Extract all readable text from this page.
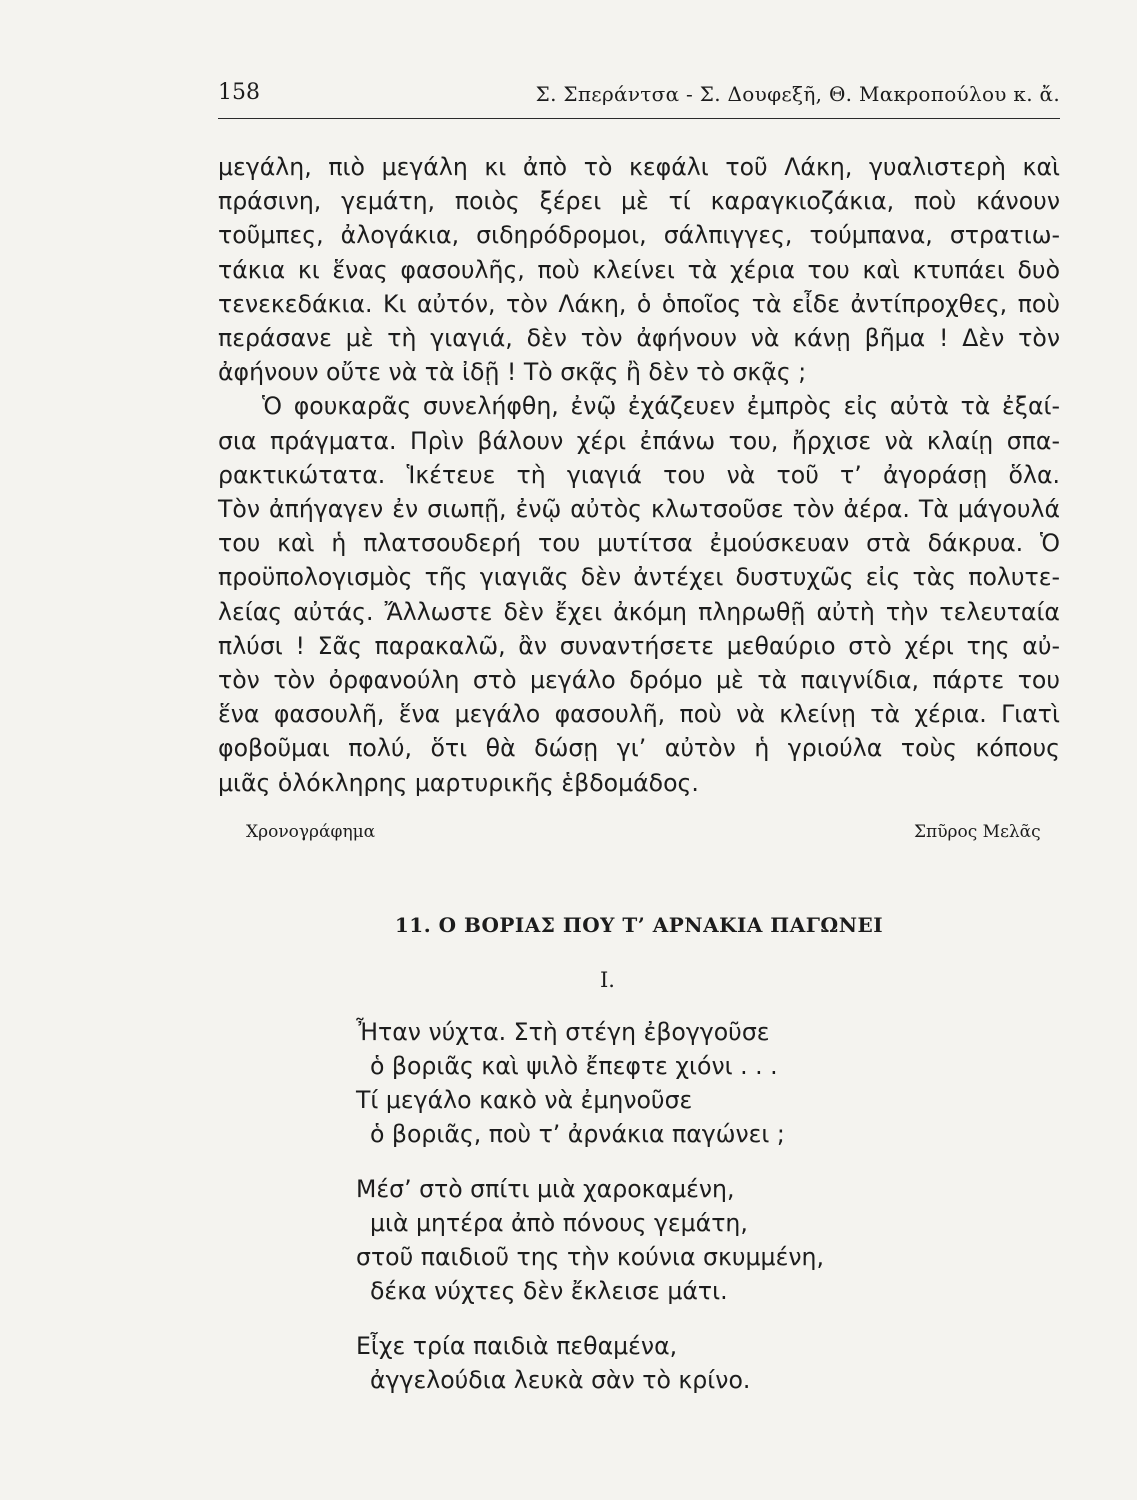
158	Σ. Σπεράντσα - Σ. Δουφεξῆ, Θ. Μακροπούλου κ. ἄ.
μεγάλη, πιὸ μεγάλη κι ἀπὸ τὸ κεφάλι τοῦ Λάκη, γυαλιστερὴ καὶ
πράσινη, γεμάτη, ποιὸς ξέρει μὲ τί καραγκιοζάκια, ποὺ κάνουν
τοῦμπες, ἀλογάκια, σιδηρόδρομοι, σάλπιγγες, τούμπανα, στρατιω-
τάκια κι ἕνας φασουλῆς, ποὺ κλείνει τὰ χέρια του καὶ κτυπάει δυὸ
τενεκεδάκια. Κι αὐτόν, τὸν Λάκη, ὁ ὁποῖος τὰ εἶδε ἀντίπροχθες, ποὺ
περάσανε μὲ τὴ γιαγιά, δὲν τὸν ἀφήνουν νὰ κάνῃ βῆμα ! Δὲν τὸν
ἀφήνουν οὔτε νὰ τὰ ἰδῇ ! Τὸ σκᾷς ἢ δὲν τὸ σκᾷς ;
Ὁ φουκαρᾶς συνελήφθη, ἐνῷ ἐχάζευεν ἐμπρὸς εἰς αὐτὰ τὰ ἐξαί-
σια πράγματα. Πρὶν βάλουν χέρι ἐπάνω του, ἤρχισε νὰ κλαίῃ σπα-
ρακτικώτατα. Ἱκέτευε τὴ γιαγιά του νὰ τοῦ τ’ ἀγοράσῃ ὅλα.
Τὸν ἀπήγαγεν ἐν σιωπῇ, ἐνῷ αὐτὸς κλωτσοῦσε τὸν ἀέρα. Τὰ μάγουλά
του καὶ ἡ πλατσουδερή του μυτίτσα ἐμούσκευαν στὰ δάκρυα. Ὁ
προϋπολογισμὸς τῆς γιαγιᾶς δὲν ἀντέχει δυστυχῶς εἰς τὰς πολυτε-
λείας αὐτάς. Ἄλλωστε δὲν ἔχει ἀκόμη πληρωθῇ αὐτὴ τὴν τελευταία
πλύσι ! Σᾶς παρακαλῶ, ἂν συναντήσετε μεθαύριο στὸ χέρι της αὐ-
τὸν τὸν ὀρφανούλη στὸ μεγάλο δρόμο μὲ τὰ παιγνίδια, πάρτε του
ἕνα φασουλῆ, ἕνα μεγάλο φασουλῆ, ποὺ νὰ κλείνῃ τὰ χέρια. Γιατὶ
φοβοῦμαι πολύ, ὅτι θὰ δώσῃ γι’ αὐτὸν ἡ γριούλα τοὺς κόπους
μιᾶς ὁλόκληρης μαρτυρικῆς ἑβδομάδος.
Χρονογράφημα	Σπῦρος Μελᾶς
11. Ο ΒΟΡΙΑΣ ΠΟΥ Τ’ ΑΡΝΑΚΙΑ ΠΑΓΩΝΕΙ
I.
Ἦταν νύχτα. Στὴ στέγη ἐβογγοῦσε
ὁ βοριᾶς καὶ ψιλὸ ἔπεφτε χιόνι . . .
Τί μεγάλο κακὸ νὰ ἐμηνοῦσε
ὁ βοριᾶς, ποὺ τ’ ἀρνάκια παγώνει ;
Μέσ’ στὸ σπίτι μιὰ χαροκαμένη,
μιὰ μητέρα ἀπὸ πόνους γεμάτη,
στοῦ παιδιοῦ της τὴν κούνια σκυμμένη,
δέκα νύχτες δὲν ἔκλεισε μάτι.
Εἶχε τρία παιδιὰ πεθαμένα,
ἀγγελούδια λευκὰ σὰν τὸ κρίνο.
